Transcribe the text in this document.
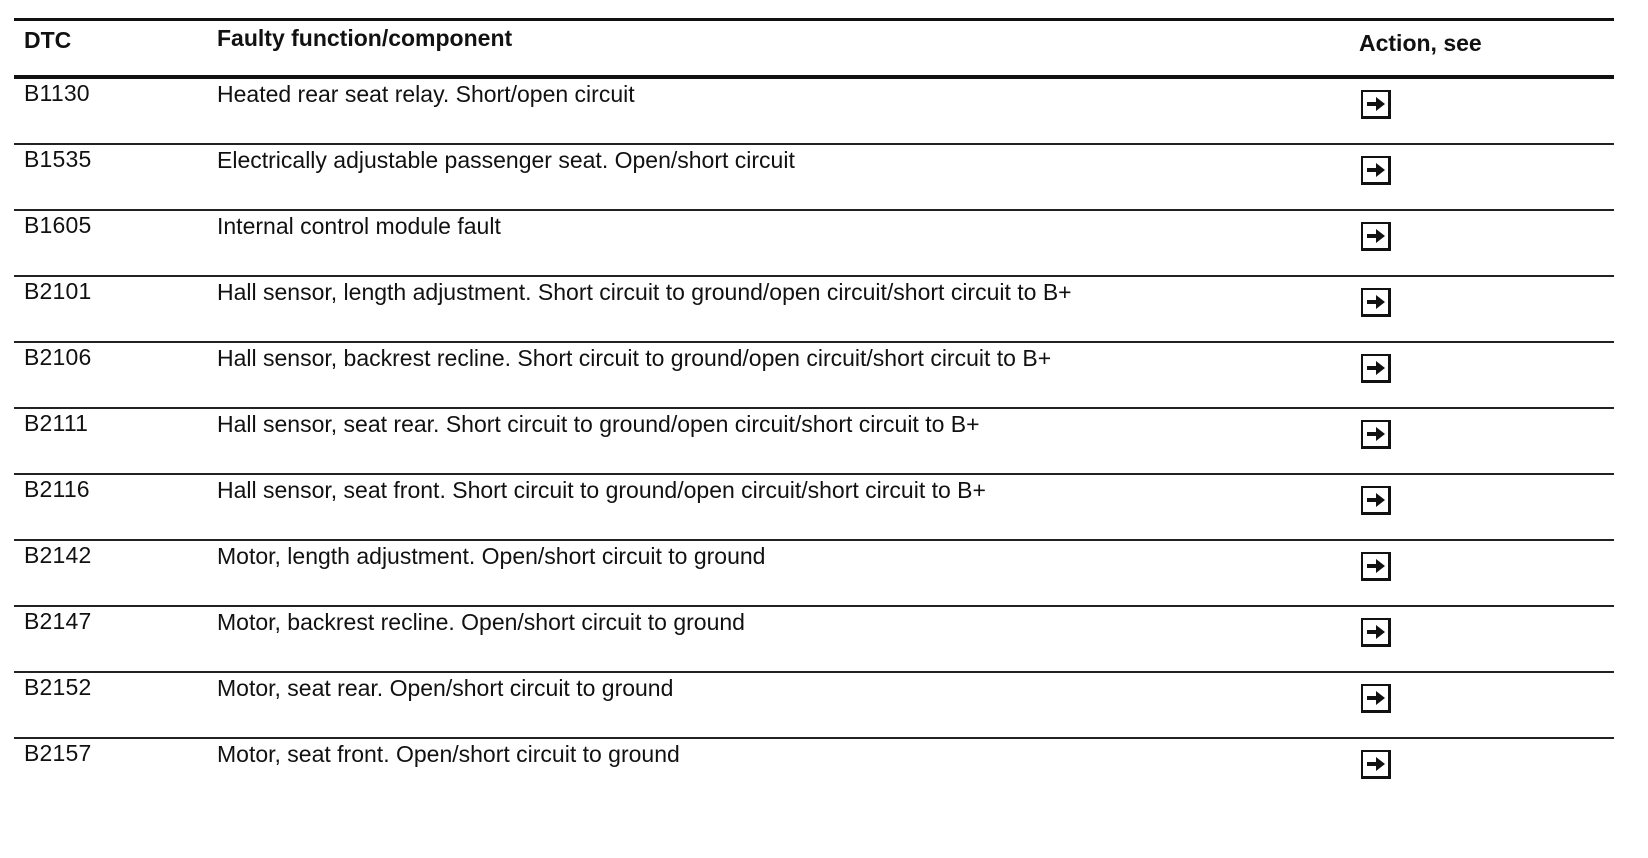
DTC	Faulty function/component	Action, see
B1130	Heated rear seat relay. Short/open circuit
B1535	Electrically adjustable passenger seat. Open/short circuit
B1605	Internal control module fault
B2101	Hall sensor, length adjustment. Short circuit to ground/open circuit/short circuit to B+
B2106	Hall sensor, backrest recline. Short circuit to ground/open circuit/short circuit to B+
B2111	Hall sensor, seat rear. Short circuit to ground/open circuit/short circuit to B+
B2116	Hall sensor, seat front. Short circuit to ground/open circuit/short circuit to B+
B2142	Motor, length adjustment. Open/short circuit to ground
B2147	Motor, backrest recline. Open/short circuit to ground
B2152	Motor, seat rear. Open/short circuit to ground
B2157	Motor, seat front. Open/short circuit to ground
